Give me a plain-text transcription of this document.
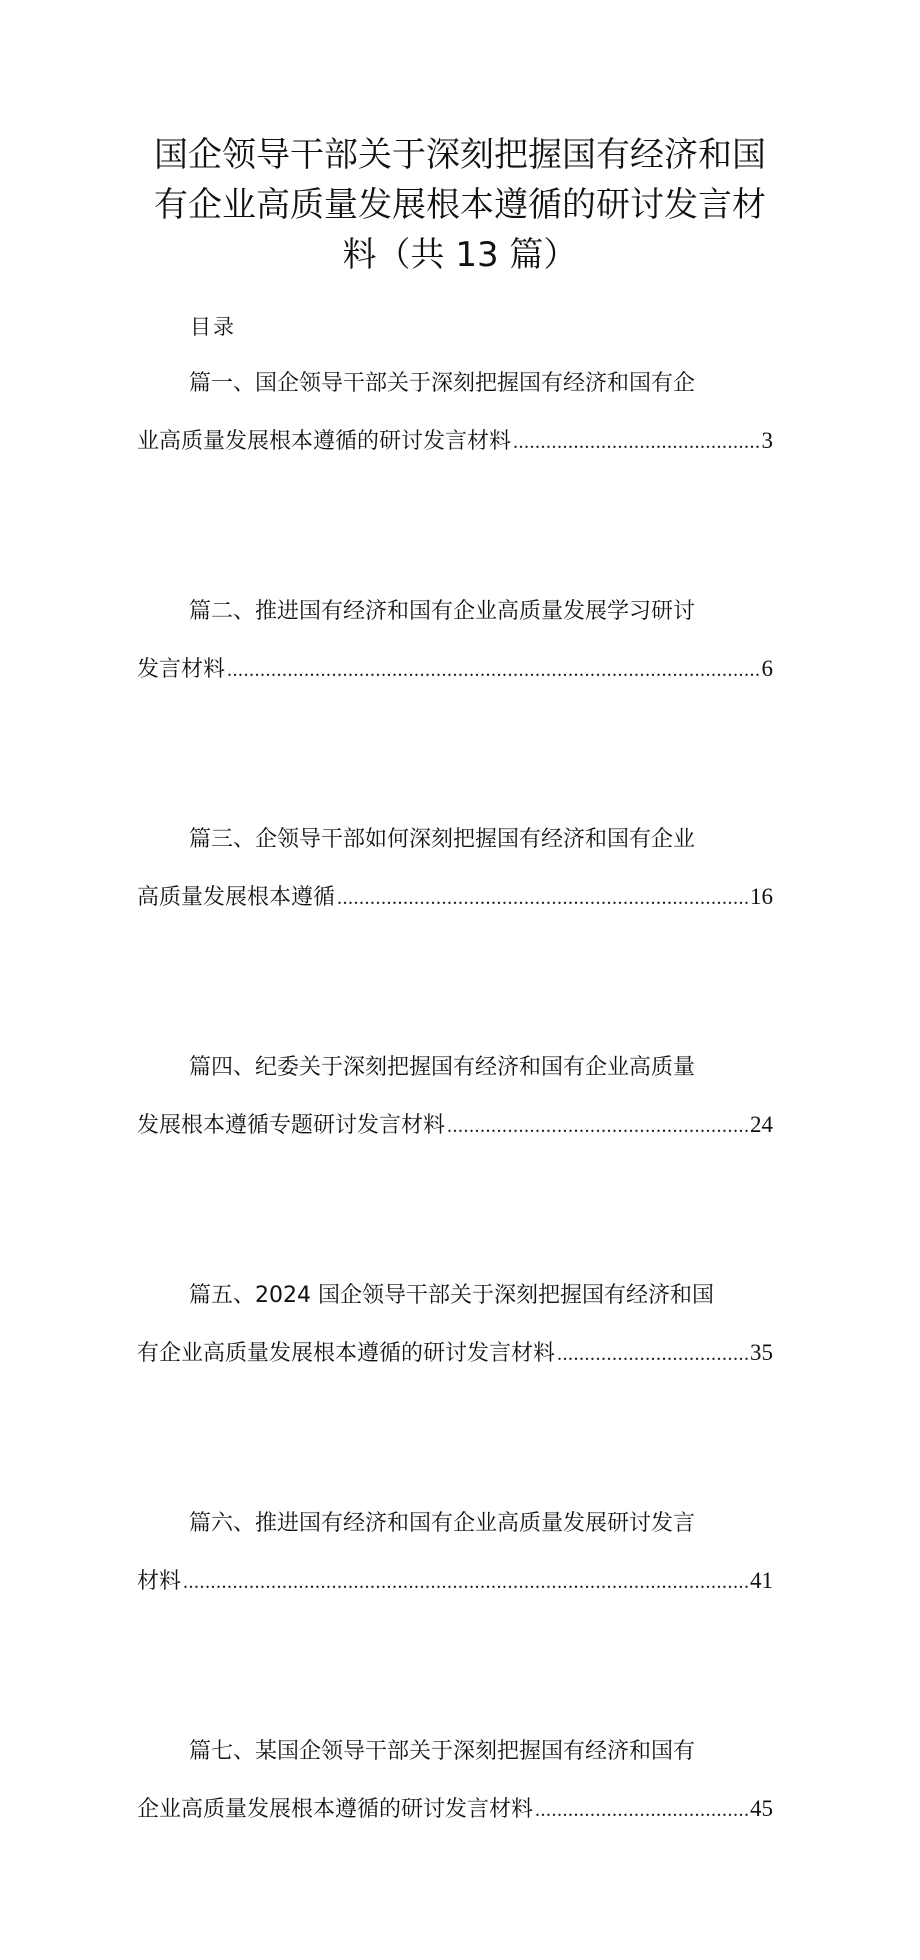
国企领导干部关于深刻把握国有经济和国有企业高质量发展根本遵循的研讨发言材料（共 13 篇）
目录
篇一、国企领导干部关于深刻把握国有经济和国有企
业高质量发展根本遵循的研讨发言材料 .....	3
篇二、推进国有经济和国有企业高质量发展学习研讨
发言材料 .....	6
篇三、企领导干部如何深刻把握国有经济和国有企业
高质量发展根本遵循 .....	16
篇四、纪委关于深刻把握国有经济和国有企业高质量
发展根本遵循专题研讨发言材料 .....	24
篇五、2024 国企领导干部关于深刻把握国有经济和国
有企业高质量发展根本遵循的研讨发言材料 .....	35
篇六、推进国有经济和国有企业高质量发展研讨发言
材料 .....	41
篇七、某国企领导干部关于深刻把握国有经济和国有
企业高质量发展根本遵循的研讨发言材料 .....	45
